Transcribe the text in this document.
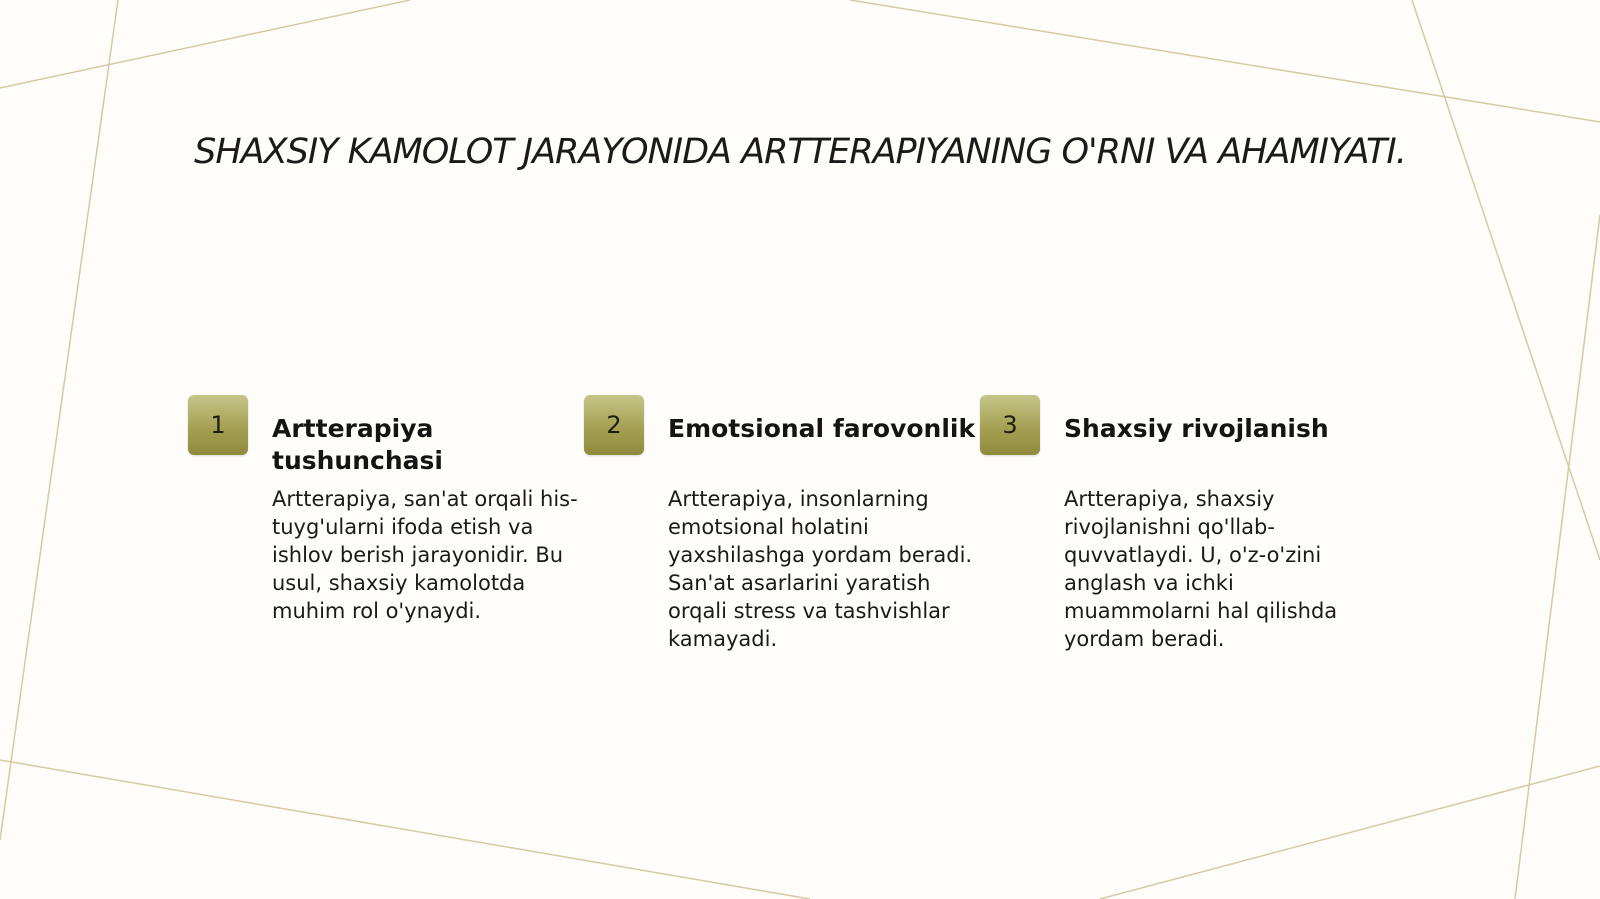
SHAXSIY KAMOLOT JARAYONIDA ARTTERAPIYANING O'RNI VA AHAMIYATI.
1	Artterapiya
tushunchasi
Artterapiya, san'at orqali his-
tuyg'ularni ifoda etish va
ishlov berish jarayonidir. Bu
usul, shaxsiy kamolotda
muhim rol o'ynaydi.
2	Emotsional farovonlik
Artterapiya, insonlarning
emotsional holatini
yaxshilashga yordam beradi.
San'at asarlarini yaratish
orqali stress va tashvishlar
kamayadi.
3	Shaxsiy rivojlanish
Artterapiya, shaxsiy
rivojlanishni qo'llab-
quvvatlaydi. U, o'z-o'zini
anglash va ichki
muammolarni hal qilishda
yordam beradi.
